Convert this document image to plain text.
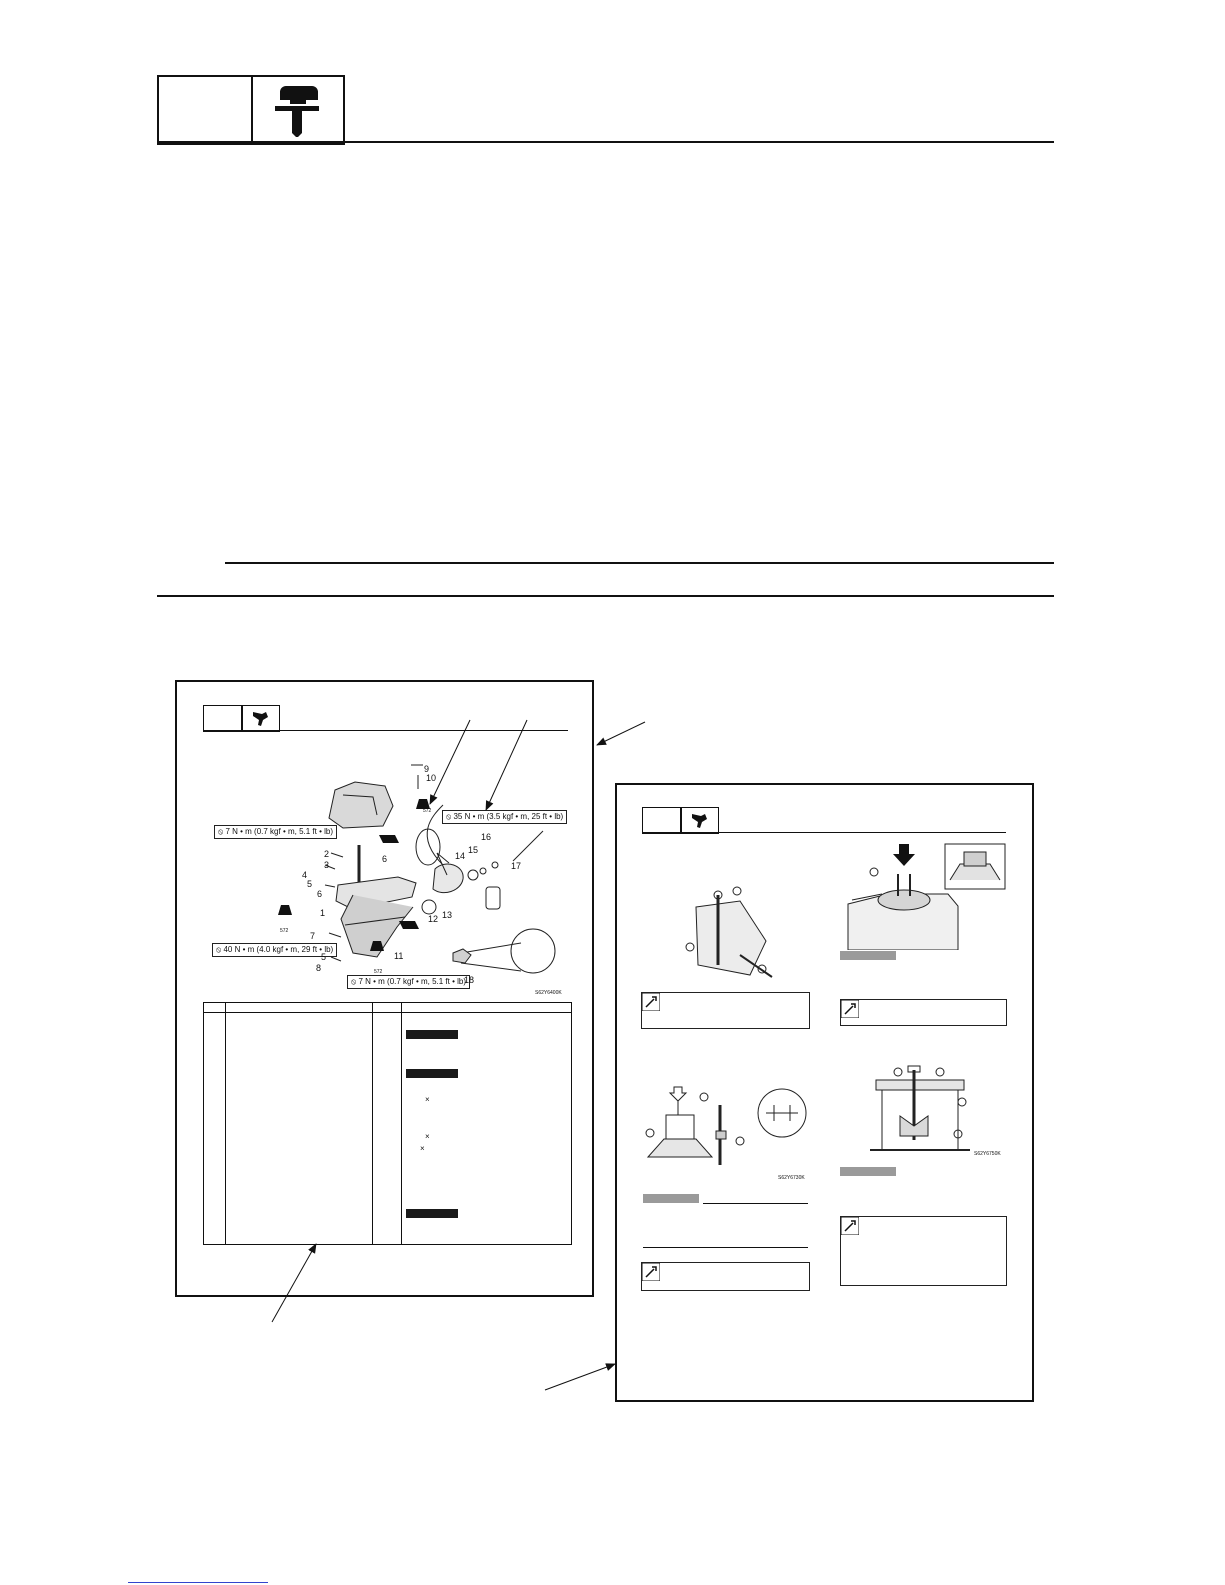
⦸ 7 N • m (0.7 kgf • m, 5.1 ft • lb)
⦸ 35 N • m (3.5 kgf • m, 25 ft • lb)
⦸ 40 N • m (4.0 kgf • m, 29 ft • lb)
⦸ 7 N • m (0.7 kgf • m, 5.1 ft • lb)
9
10
16
15
14
17
2
3
4
5
6
6
1	13
12
7
5
8
11
18
572
572
572
S62Y6400K
×
×
×
S62Y6730K
S62Y6750K
